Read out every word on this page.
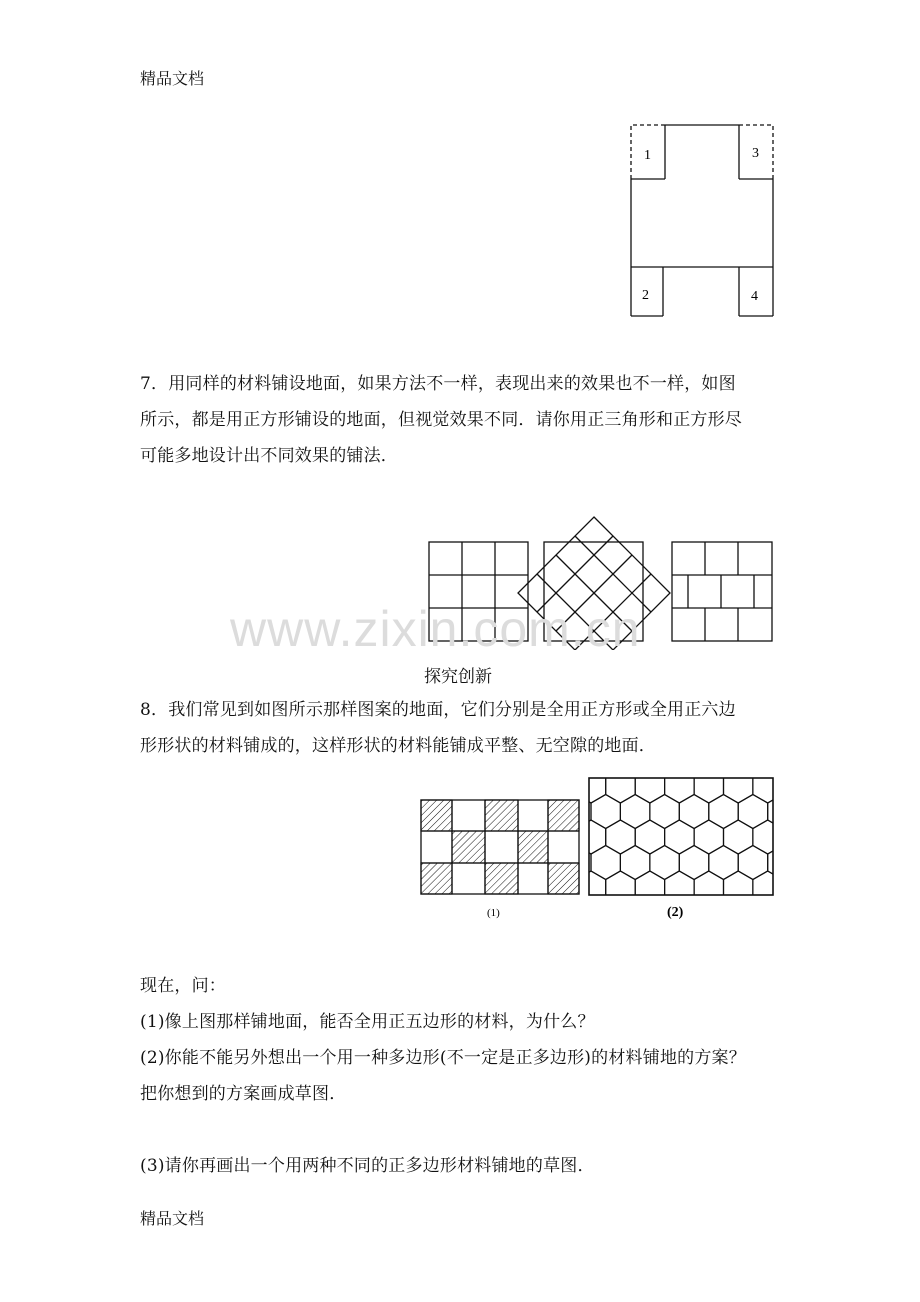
精品文档
1	3
2	4
7．用同样的材料铺设地面，如果方法不一样，表现出来的效果也不一样，如图
所示，都是用正方形铺设的地面，但视觉效果不同．请你用正三角形和正方形尽
可能多地设计出不同效果的铺法．
www.zixin.com.cn
探究创新
8．我们常见到如图所示那样图案的地面，它们分别是全用正方形或全用正六边
形形状的材料铺成的，这样形状的材料能铺成平整、无空隙的地面．
(1)	(2)
现在，问：
(1)像上图那样铺地面，能否全用正五边形的材料，为什么？
(2)你能不能另外想出一个用一种多边形(不一定是正多边形)的材料铺地的方案？
把你想到的方案画成草图．
(3)请你再画出一个用两种不同的正多边形材料铺地的草图．
精品文档
